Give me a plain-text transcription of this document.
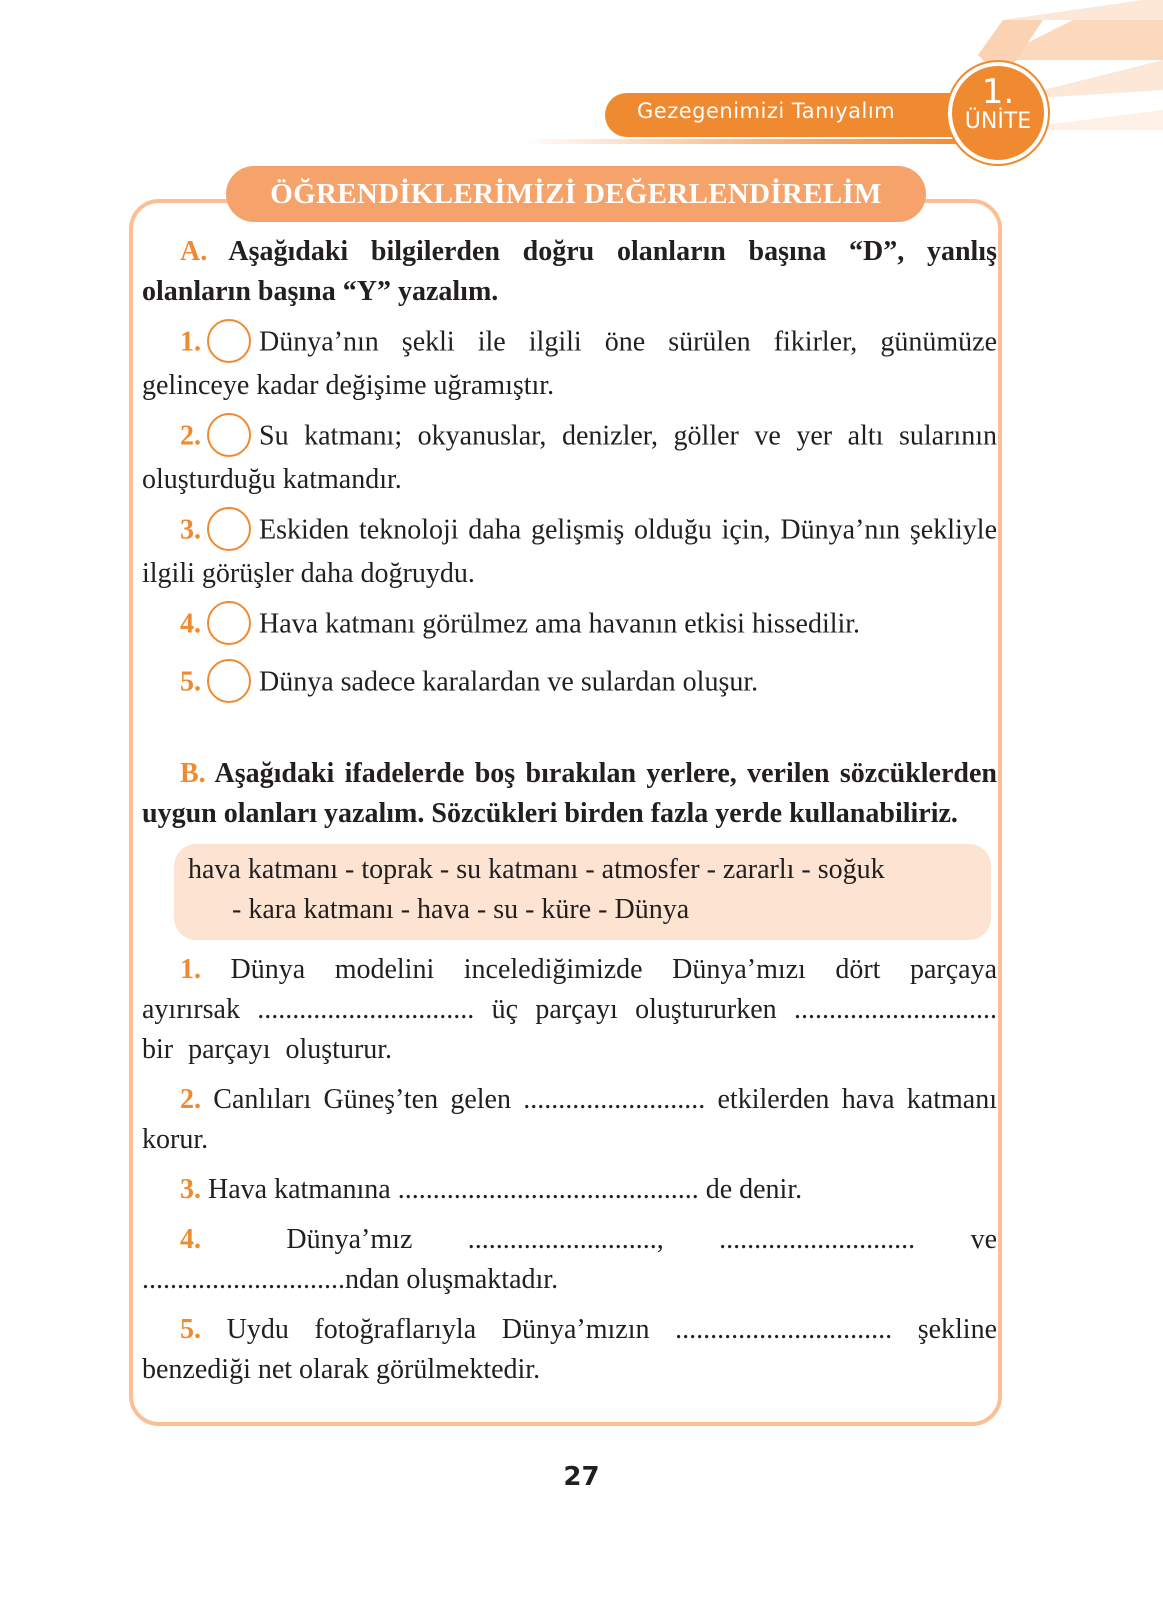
Gezegenimizi Tanıyalım	1.
ÜNİTE
ÖĞRENDİKLERİMİZİ DEĞERLENDİRELİM

A. Aşağıdaki bilgilerden doğru olanların başına “D”, yanlış olanların başına “Y” yazalım.

1. Dünya’nın şekli ile ilgili öne sürülen fikirler, günümüze gelinceye kadar değişime uğramıştır.

2. Su katmanı; okyanuslar, denizler, göller ve yer altı sularının oluşturduğu katmandır.

3. Eskiden teknoloji daha gelişmiş olduğu için, Dünya’nın şekliyle ilgili görüşler daha doğruydu.

4. Hava katmanı görülmez ama havanın etkisi hissedilir.

5. Dünya sadece karalardan ve sulardan oluşur.

B. Aşağıdaki ifadelerde boş bırakılan yerlere, verilen sözcüklerden uygun olanları yazalım. Sözcükleri birden fazla yerde kullanabiliriz.

hava katmanı - toprak - su katmanı - atmosfer - zararlı - soğuk
- kara katmanı - hava - su - küre - Dünya

1. Dünya modelini incelediğimizde Dünya’mızı dört parçaya ayırırsak ............................... üç parçayı oluştururken ............................. bir parçayı oluşturur.

2. Canlıları Güneş’ten gelen .......................... etkilerden hava katmanı korur.

3. Hava katmanına ........................................... de denir.

4.	Dünya’mız ..........................., ............................ ve .............................ndan oluşmaktadır.

5. Uydu fotoğraflarıyla Dünya’mızın ............................... şekline benzediği net olarak görülmektedir.

27
